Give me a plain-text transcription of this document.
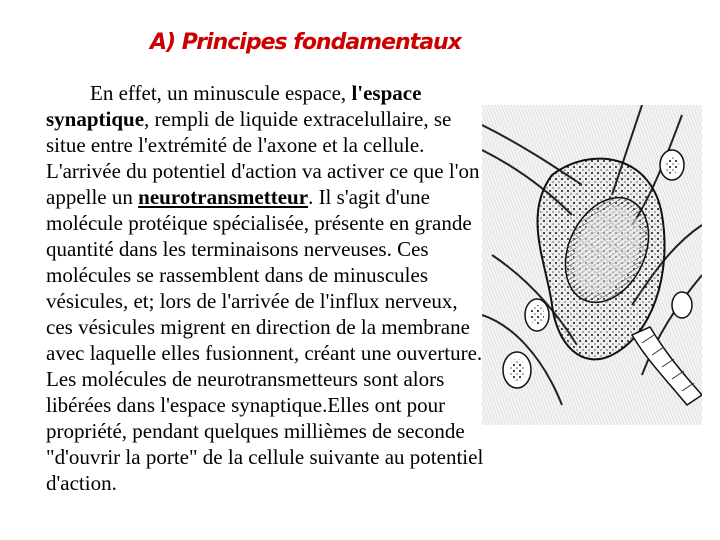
A) Principes fondamentaux

En effet, un minuscule espace, l'espace synaptique, rempli de liquide extracelullaire, se situe entre l'extrémité de l'axone et la cellule. L'arrivée du potentiel d'action va activer ce que l'on appelle un neurotransmetteur. Il s'agit d'une molécule protéique spécialisée, présente en grande quantité dans les terminaisons nerveuses. Ces molécules se rassemblent dans de minuscules vésicules, et; lors de l'arrivée de l'influx nerveux, ces vésicules migrent en direction de la membrane avec laquelle elles fusionnent, créant une ouverture. Les molécules de neurotransmetteurs sont alors libérées dans l'espace synaptique.Elles ont pour propriété, pendant quelques millièmes de seconde "d'ouvrir la porte" de la cellule suivante au potentiel d'action.
